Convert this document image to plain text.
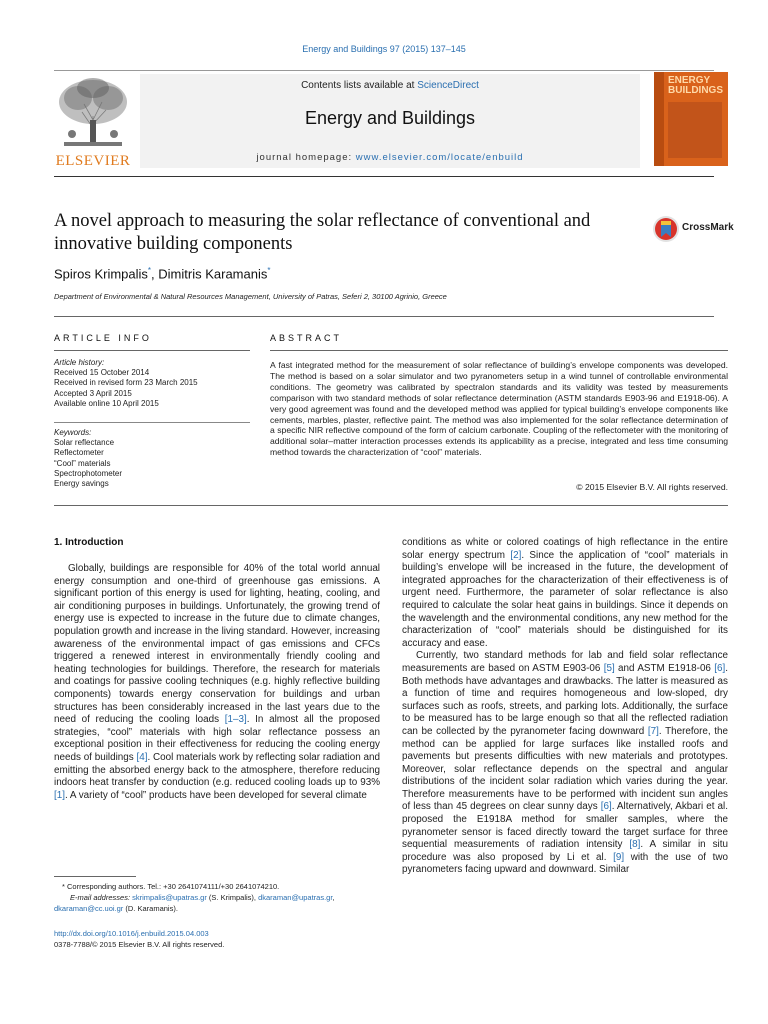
Energy and Buildings 97 (2015) 137–145
ELSEVIER
Contents lists available at ScienceDirect
Energy and Buildings
journal homepage: www.elsevier.com/locate/enbuild
ENERGY BUILDINGS
A novel approach to measuring the solar reflectance of conventional and innovative building components
CrossMark
Spiros Krimpalis*, Dimitris Karamanis*
Department of Environmental & Natural Resources Management, University of Patras, Seferi 2, 30100 Agrinio, Greece
ARTICLE INFO	ABSTRACT
Article history:
Received 15 October 2014
Received in revised form 23 March 2015
Accepted 3 April 2015
Available online 10 April 2015
Keywords:
Solar reflectance
Reflectometer
“Cool” materials
Spectrophotometer
Energy savings
A fast integrated method for the measurement of solar reflectance of building’s envelope components was developed. The method is based on a solar simulator and two pyranometers setup in a wind tunnel of controllable environmental conditions. The geometry was calibrated by spectralon standards and its validity was tested by measurements comparison with two standard methods of solar reflectance determination (ASTM standards E903-96 and E1918-06). A very good agreement was found and the developed method was applied for typical building’s envelope components like cements, marbles, plaster, reflective paint. The method was also implemented for the solar reflectance determination of a specific NIR reflective compound of the form of calcium carbonate. Coupling of the reflectometer with the monitoring of additional solar–matter interaction processes extends its applicability as a precise, integrated and less time consuming method towards the characterization of “cool” materials.
© 2015 Elsevier B.V. All rights reserved.
1. Introduction

Globally, buildings are responsible for 40% of the total world annual energy consumption and one-third of greenhouse gas emissions. A significant portion of this energy is used for lighting, heating, cooling, and air conditioning purposes in buildings. Unfortunately, the growing trend of energy use is expected to increase in the future due to climate changes, population growth and increase in the living standard. However, increasing awareness of the environmental impact of gas emissions and CFCs triggered a renewed interest in environmentally friendly cooling and heating technologies for buildings. Therefore, the research for materials and coatings for passive cooling techniques (e.g. highly reflective building components) towards energy conservation for buildings and urban structures has been considerably increased in the last years due to the need of reducing the cooling loads [1–3]. In almost all the proposed strategies, “cool” materials with high solar reflectance possess an exceptional position in their effectiveness for reducing the cooling energy needs of buildings [4]. Cool materials work by reflecting solar radiation and emitting the absorbed energy back to the atmosphere, therefore reducing indoors heat transfer by conduction (e.g. reduced cooling loads up to 93% [1]. A variety of “cool” products have been developed for several climate

conditions as white or colored coatings of high reflectance in the entire solar energy spectrum [2]. Since the application of “cool” materials in building’s envelope will be increased in the future, the development of integrated approaches for the characterization of their effectiveness is of urgent need. Furthermore, the parameter of solar reflectance is also required to calculate the solar heat gains in buildings. Since it depends on the wavelength and the environmental conditions, any new method for the characterization of “cool” materials should be distinguished for its accuracy and ease.

Currently, two standard methods for lab and field solar reflectance measurements are based on ASTM E903-06 [5] and ASTM E1918-06 [6]. Both methods have advantages and drawbacks. The latter is measured as a function of time and requires homogeneous and low-sloped, dry surfaces such as roofs, streets, and parking lots. Additionally, the surface to be measured has to be large enough so that all the reflected radiation can be collected by the pyranometer facing downward [7]. Therefore, the method can be applied for large surfaces like installed roofs and pavements but presents difficulties with new materials and prototypes. Moreover, solar reflectance depends on the spectral and angular distributions of the incident solar radiation which varies during the year. Therefore measurements have to be performed with incident sun angles of less than 45 degrees on clear sunny days [6]. Alternatively, Akbari et al. proposed the E1918A method for smaller samples, where the pyranometer sensor is faced directly toward the target surface for three sequential measurements of radiation intensity [8]. A similar in situ procedure was also proposed by Li et al. [9] with the use of two pyranometers facing upward and downward. Similar

* Corresponding authors. Tel.: +30 2641074111/+30 2641074210.
E-mail addresses: skrimpalis@upatras.gr (S. Krimpalis), dkaraman@upatras.gr,
dkaraman@cc.uoi.gr (D. Karamanis).
http://dx.doi.org/10.1016/j.enbuild.2015.04.003
0378-7788/© 2015 Elsevier B.V. All rights reserved.
